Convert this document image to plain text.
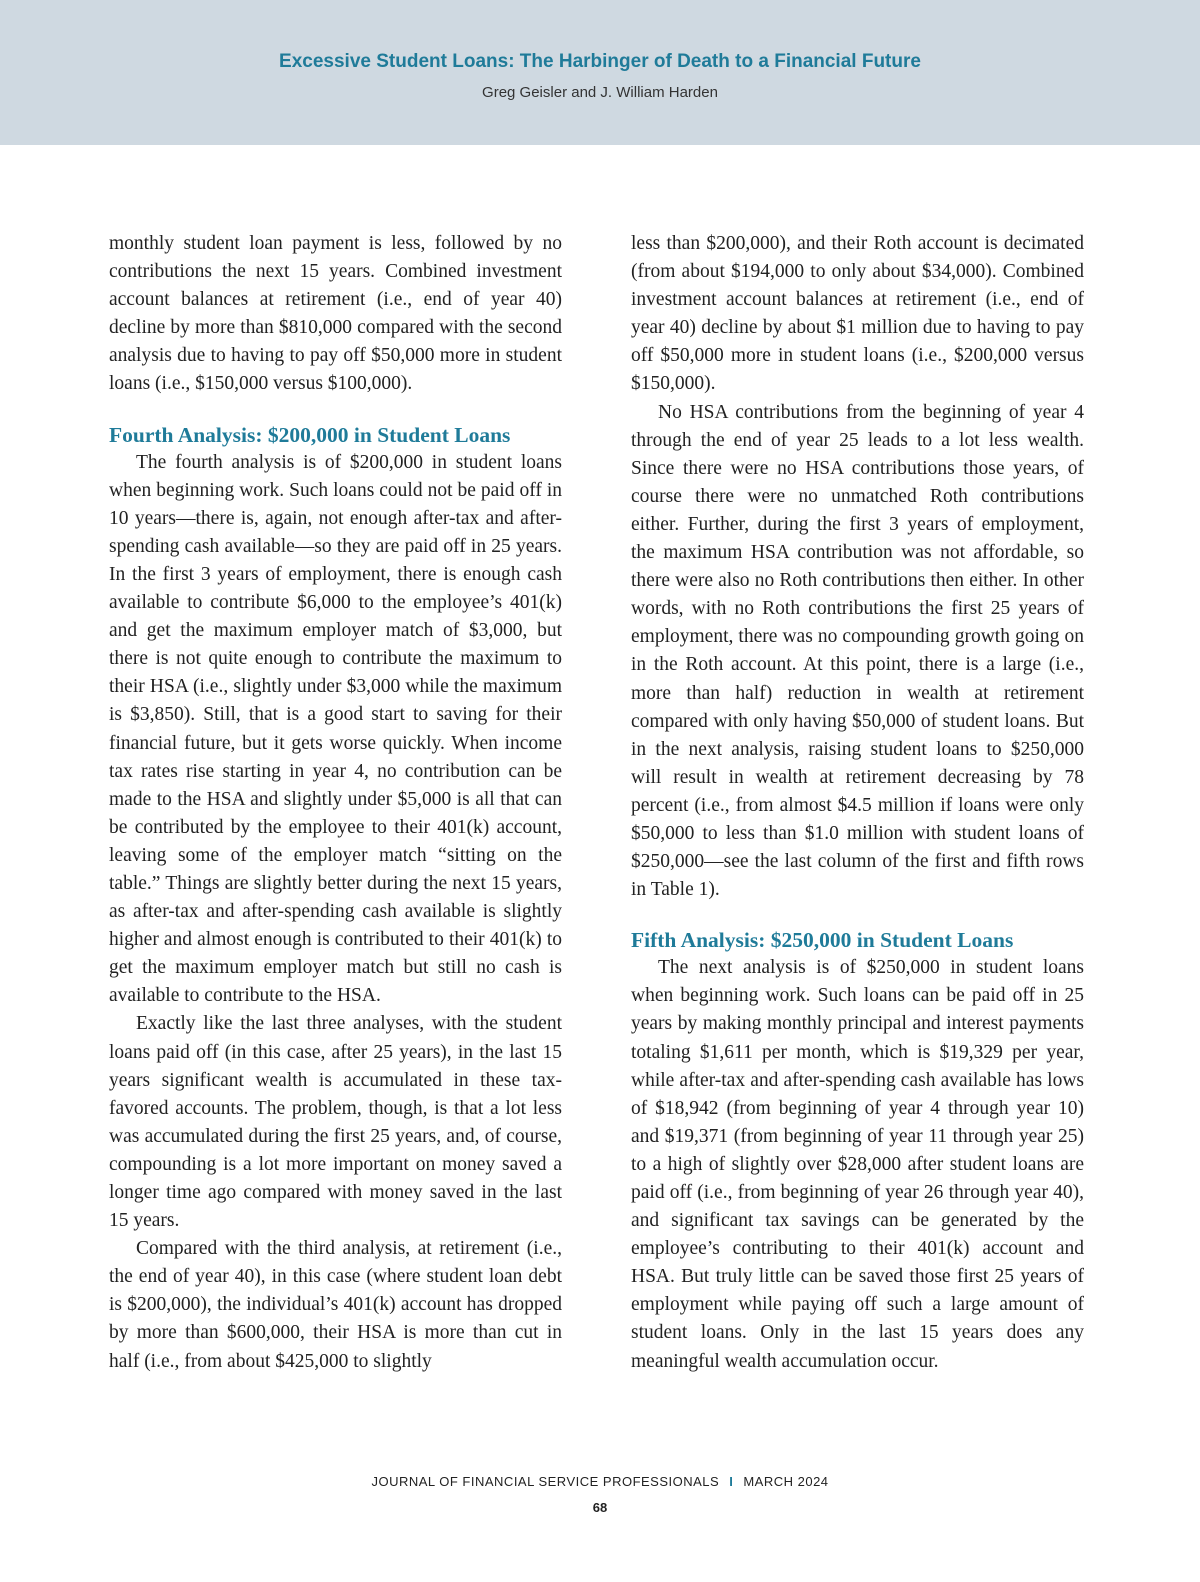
Excessive Student Loans: The Harbinger of Death to a Financial Future
Greg Geisler and J. William Harden

monthly student loan payment is less, followed by no contributions the next 15 years. Combined investment account balances at retirement (i.e., end of year 40) decline by more than $810,000 compared with the second analysis due to having to pay off $50,000 more in student loans (i.e., $150,000 versus $100,000).

Fourth Analysis: $200,000 in Student Loans

The fourth analysis is of $200,000 in student loans when beginning work. Such loans could not be paid off in 10 years—there is, again, not enough after-tax and after-spending cash available—so they are paid off in 25 years. In the first 3 years of employment, there is enough cash available to contribute $6,000 to the employee’s 401(k) and get the maximum employer match of $3,000, but there is not quite enough to contribute the maximum to their HSA (i.e., slightly under $3,000 while the maximum is $3,850). Still, that is a good start to saving for their financial future, but it gets worse quickly. When income tax rates rise starting in year 4, no contribution can be made to the HSA and slightly under $5,000 is all that can be contributed by the employee to their 401(k) account, leaving some of the employer match “sitting on the table.” Things are slightly better during the next 15 years, as after-tax and after-spending cash available is slightly higher and almost enough is contributed to their 401(k) to get the maximum employer match but still no cash is available to contribute to the HSA.

Exactly like the last three analyses, with the student loans paid off (in this case, after 25 years), in the last 15 years significant wealth is accumulated in these tax-favored accounts. The problem, though, is that a lot less was accumulated during the first 25 years, and, of course, compounding is a lot more important on money saved a longer time ago compared with money saved in the last 15 years.

Compared with the third analysis, at retirement (i.e., the end of year 40), in this case (where student loan debt is $200,000), the individual’s 401(k) account has dropped by more than $600,000, their HSA is more than cut in half (i.e., from about $425,000 to slightly

less than $200,000), and their Roth account is decimated (from about $194,000 to only about $34,000). Combined investment account balances at retirement (i.e., end of year 40) decline by about $1 million due to having to pay off $50,000 more in student loans (i.e., $200,000 versus $150,000).

No HSA contributions from the beginning of year 4 through the end of year 25 leads to a lot less wealth. Since there were no HSA contributions those years, of course there were no unmatched Roth contributions either. Further, during the first 3 years of employment, the maximum HSA contribution was not affordable, so there were also no Roth contributions then either. In other words, with no Roth contributions the first 25 years of employment, there was no compounding growth going on in the Roth account. At this point, there is a large (i.e., more than half) reduction in wealth at retirement compared with only having $50,000 of student loans. But in the next analysis, raising student loans to $250,000 will result in wealth at retirement decreasing by 78 percent (i.e., from almost $4.5 million if loans were only $50,000 to less than $1.0 million with student loans of $250,000—see the last column of the first and fifth rows in Table 1).

Fifth Analysis: $250,000 in Student Loans

The next analysis is of $250,000 in student loans when beginning work. Such loans can be paid off in 25 years by making monthly principal and interest payments totaling $1,611 per month, which is $19,329 per year, while after-tax and after-spending cash available has lows of $18,942 (from beginning of year 4 through year 10) and $19,371 (from beginning of year 11 through year 25) to a high of slightly over $28,000 after student loans are paid off (i.e., from beginning of year 26 through year 40), and significant tax savings can be generated by the employee’s contributing to their 401(k) account and HSA. But truly little can be saved those first 25 years of employment while paying off such a large amount of student loans. Only in the last 15 years does any meaningful wealth accumulation occur.

JOURNAL OF FINANCIAL SERVICE PROFESSIONALS I MARCH 2024
68
